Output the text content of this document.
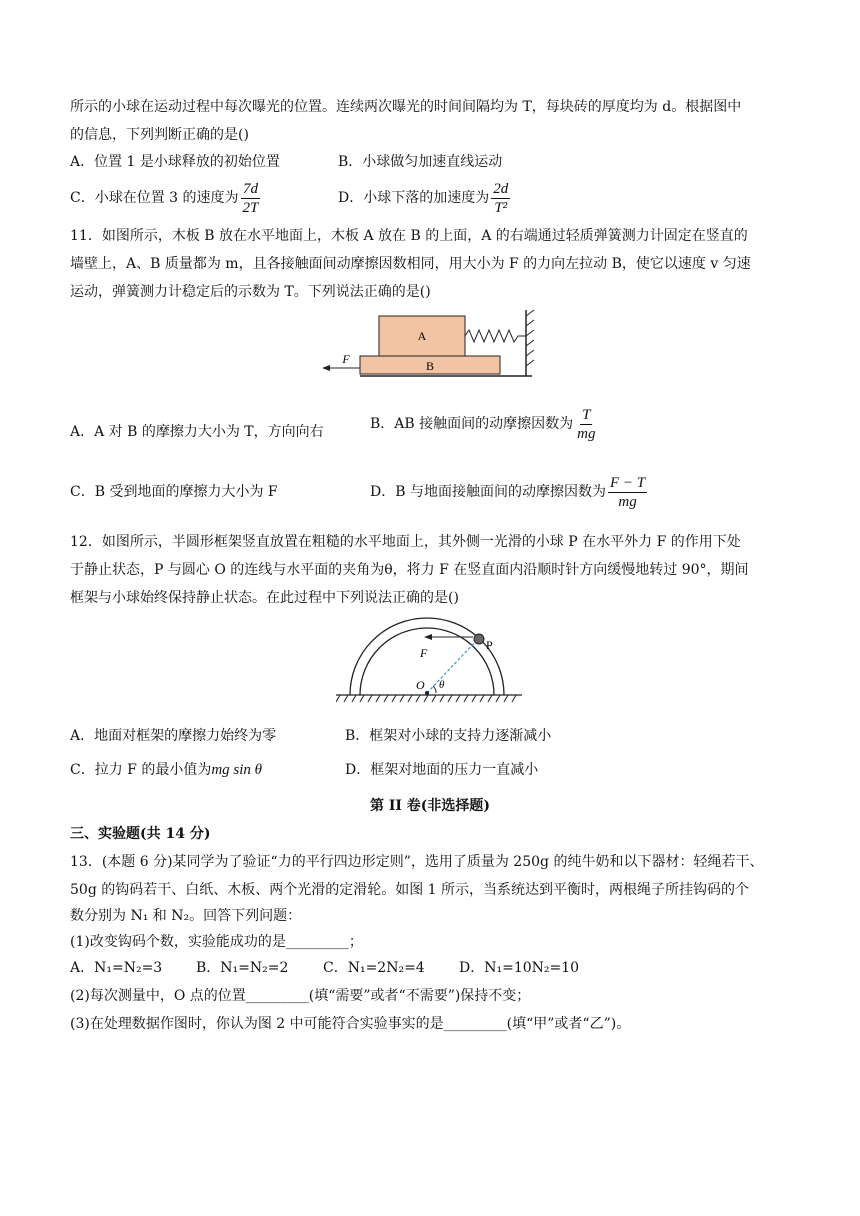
所示的小球在运动过程中每次曝光的位置。连续两次曝光的时间间隔均为 T，每块砖的厚度均为 d。根据图中
的信息，下列判断正确的是()
A．位置 1 是小球释放的初始位置	B．小球做匀加速直线运动
C．小球在位置 3 的速度为 $\frac{7d}{2T}$	D．小球下落的加速度为 $\frac{2d}{\text{T²}}$
11．如图所示，木板 B 放在水平地面上，木板 A 放在 B 的上面，A 的右端通过轻质弹簧测力计固定在竖直的
墙壁上，A、B 质量都为 m，且各接触面间动摩擦因数相同，用大小为 F 的力向左拉动 B，使它以速度 v 匀速
运动，弹簧测力计稳定后的示数为 T。下列说法正确的是()
A
B
F
A．A 对 B 的摩擦力大小为 T，方向向右	B．AB 接触面间的动摩擦因数为 $\frac{T}{mg}$
C．B 受到地面的摩擦力大小为 F	D．B 与地面接触面间的动摩擦因数为 $\frac{F - T}{mg}$
12．如图所示，半圆形框架竖直放置在粗糙的水平地面上，其外侧一光滑的小球 P 在水平外力 F 的作用下处
于静止状态，P 与圆心 O 的连线与水平面的夹角为θ，将力 F 在竖直面内沿顺时针方向缓慢地转过 90°，期间
框架与小球始终保持静止状态。在此过程中下列说法正确的是()
P
F
O θ
A．地面对框架的摩擦力始终为零	B．框架对小球的支持力逐渐减小
C．拉力 F 的最小值为mg sin θ	D．框架对地面的压力一直减小
第 II 卷(非选择题)
三、实验题(共 14 分)
13．(本题 6 分)某同学为了验证“力的平行四边形定则”，选用了质量为 250g 的纯牛奶和以下器材：轻绳若干、
50g 的钩码若干、白纸、木板、两个光滑的定滑轮。如图 1 所示，当系统达到平衡时，两根绳子所挂钩码的个
数分别为 N₁ 和 N₂。回答下列问题：
(1)改变钩码个数，实验能成功的是_________；
A．N₁=N₂=3 B．N₁=N₂=2 C．N₁=2N₂=4 D．N₁=10N₂=10
(2)每次测量中，O 点的位置_________(填“需要”或者“不需要”)保持不变；
(3)在处理数据作图时，你认为图 2 中可能符合实验事实的是_________(填“甲”或者“乙”)。
